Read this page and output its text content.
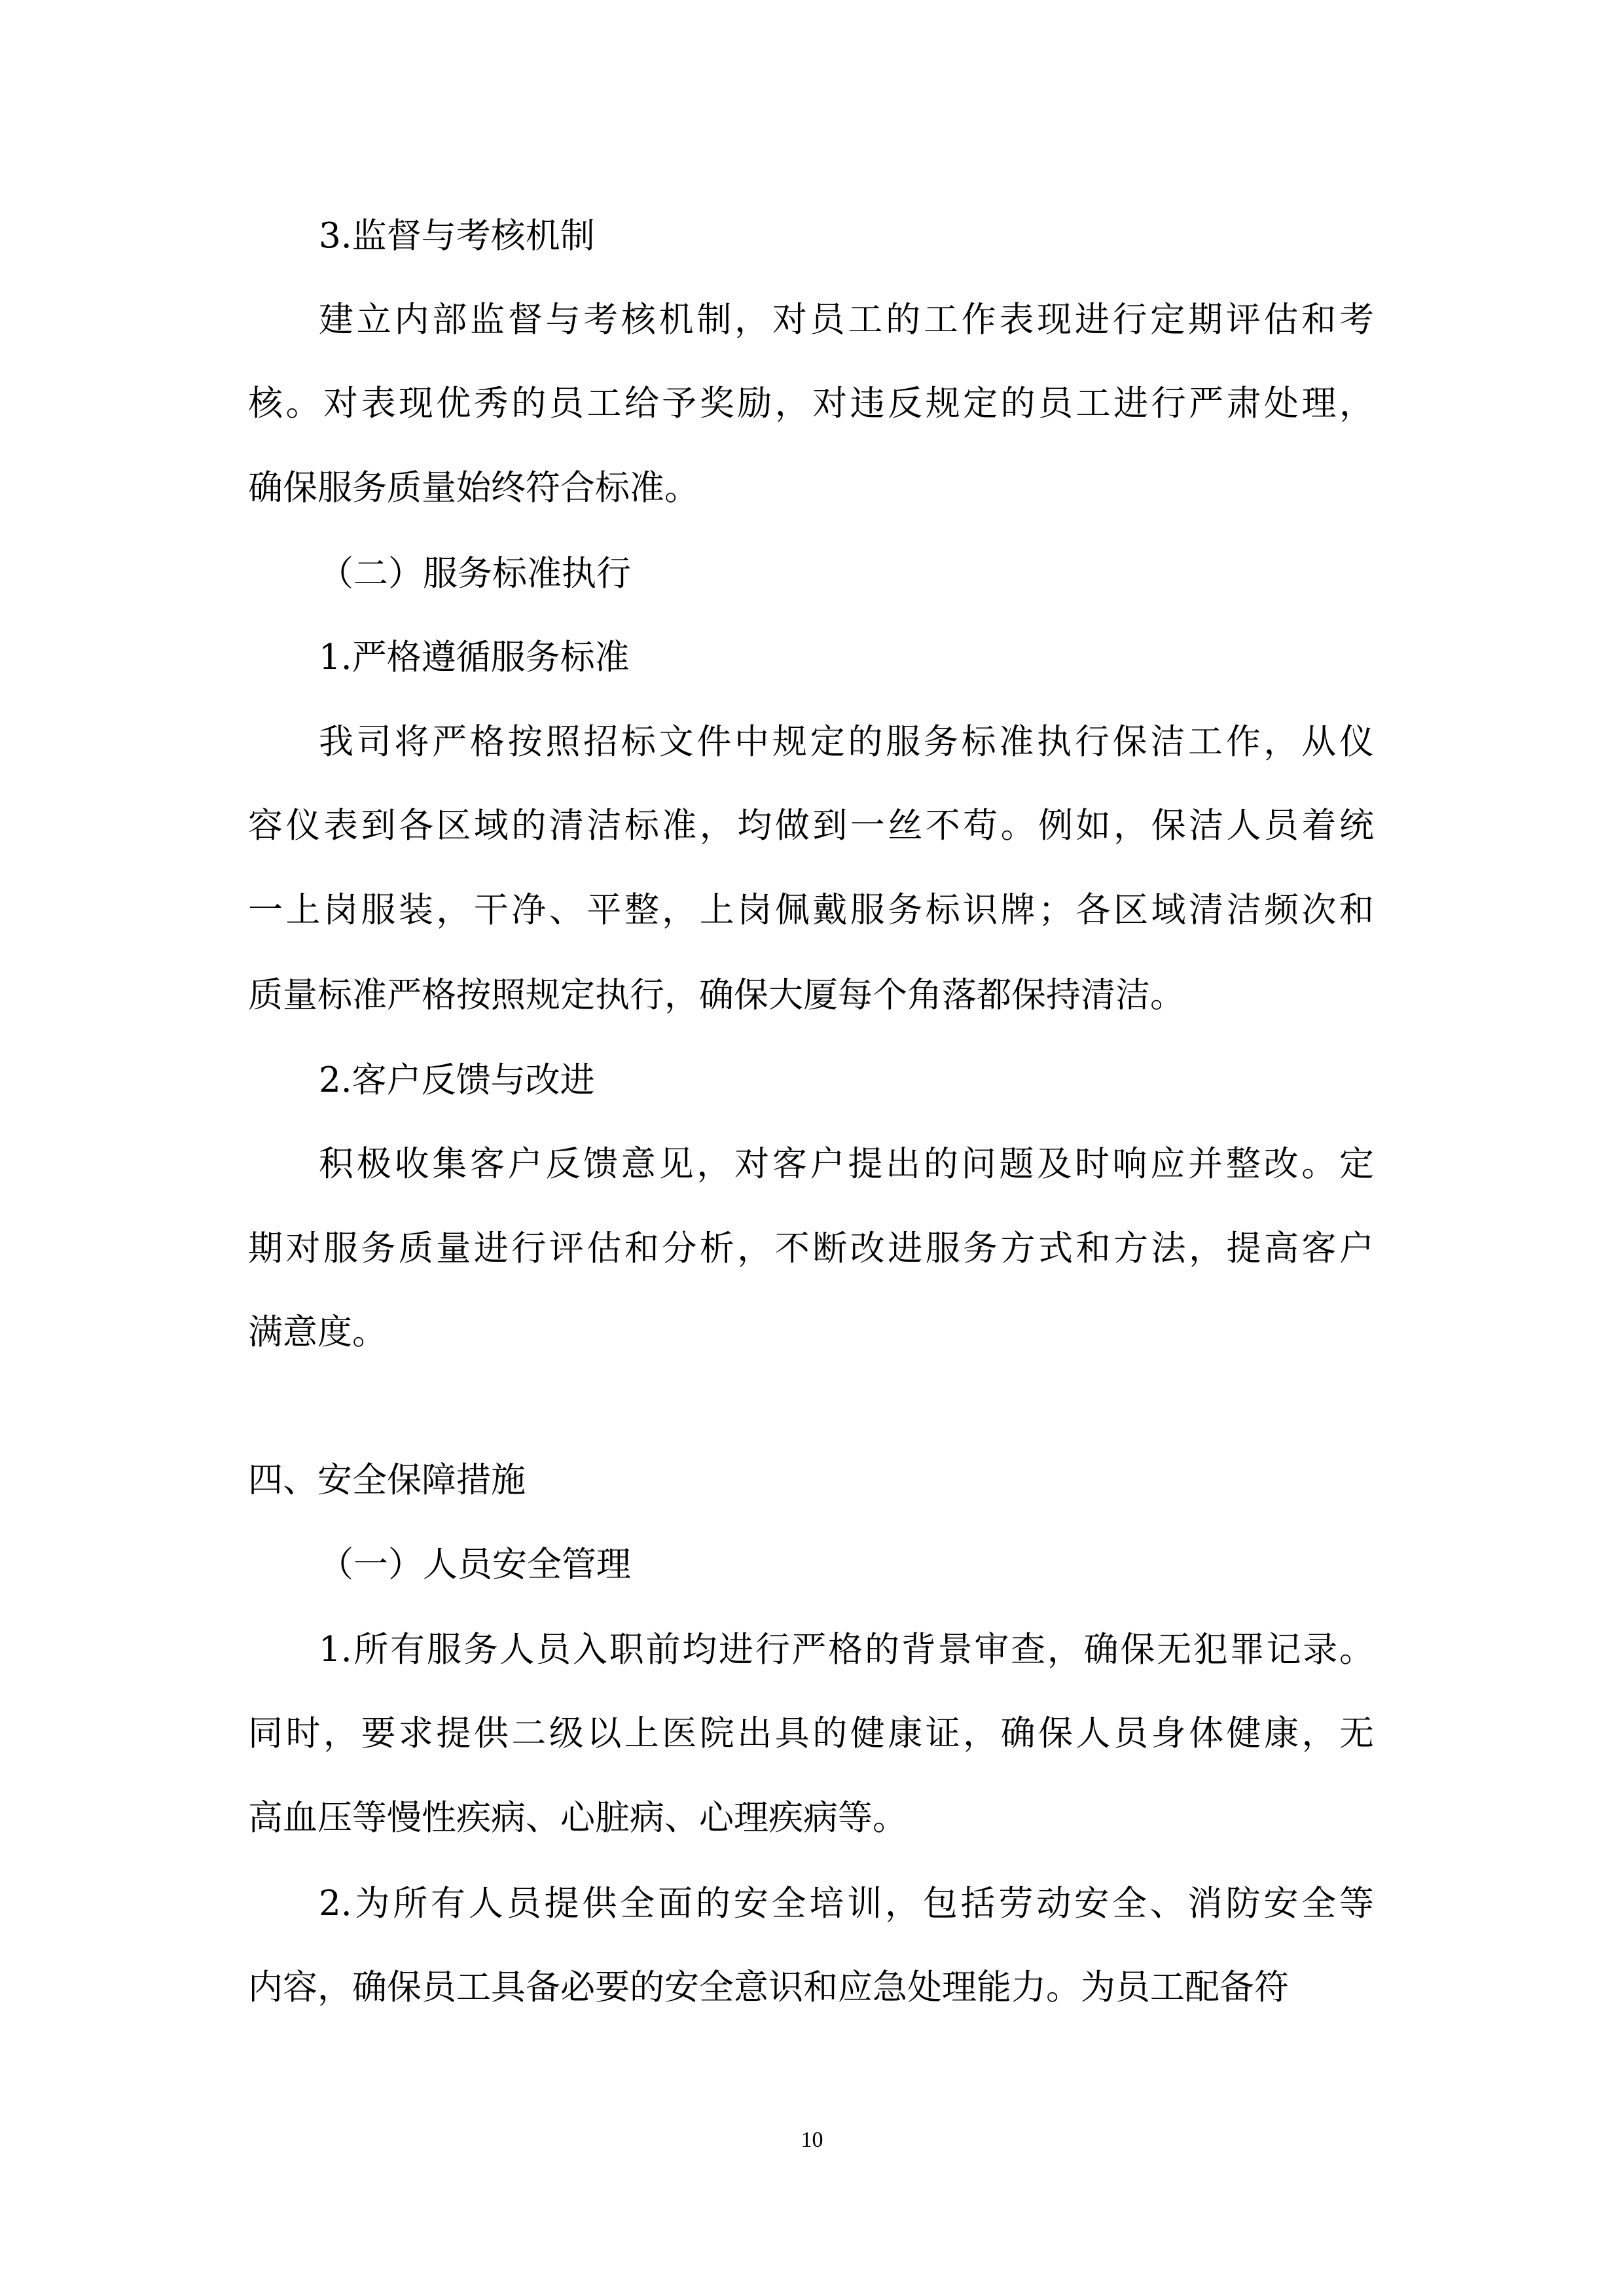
3.监督与考核机制

建立内部监督与考核机制，对员工的工作表现进行定期评估和考

核。对表现优秀的员工给予奖励，对违反规定的员工进行严肃处理，

确保服务质量始终符合标准。

（二）服务标准执行

1.严格遵循服务标准

我司将严格按照招标文件中规定的服务标准执行保洁工作，从仪

容仪表到各区域的清洁标准，均做到一丝不苟。例如，保洁人员着统

一上岗服装，干净、平整，上岗佩戴服务标识牌；各区域清洁频次和

质量标准严格按照规定执行，确保大厦每个角落都保持清洁。

2.客户反馈与改进

积极收集客户反馈意见，对客户提出的问题及时响应并整改。定

期对服务质量进行评估和分析，不断改进服务方式和方法，提高客户

满意度。

四、安全保障措施

（一）人员安全管理

1.所有服务人员入职前均进行严格的背景审查，确保无犯罪记录。

同时，要求提供二级以上医院出具的健康证，确保人员身体健康，无

高血压等慢性疾病、心脏病、心理疾病等。

2.为所有人员提供全面的安全培训，包括劳动安全、消防安全等

内容，确保员工具备必要的安全意识和应急处理能力。为员工配备符

10
